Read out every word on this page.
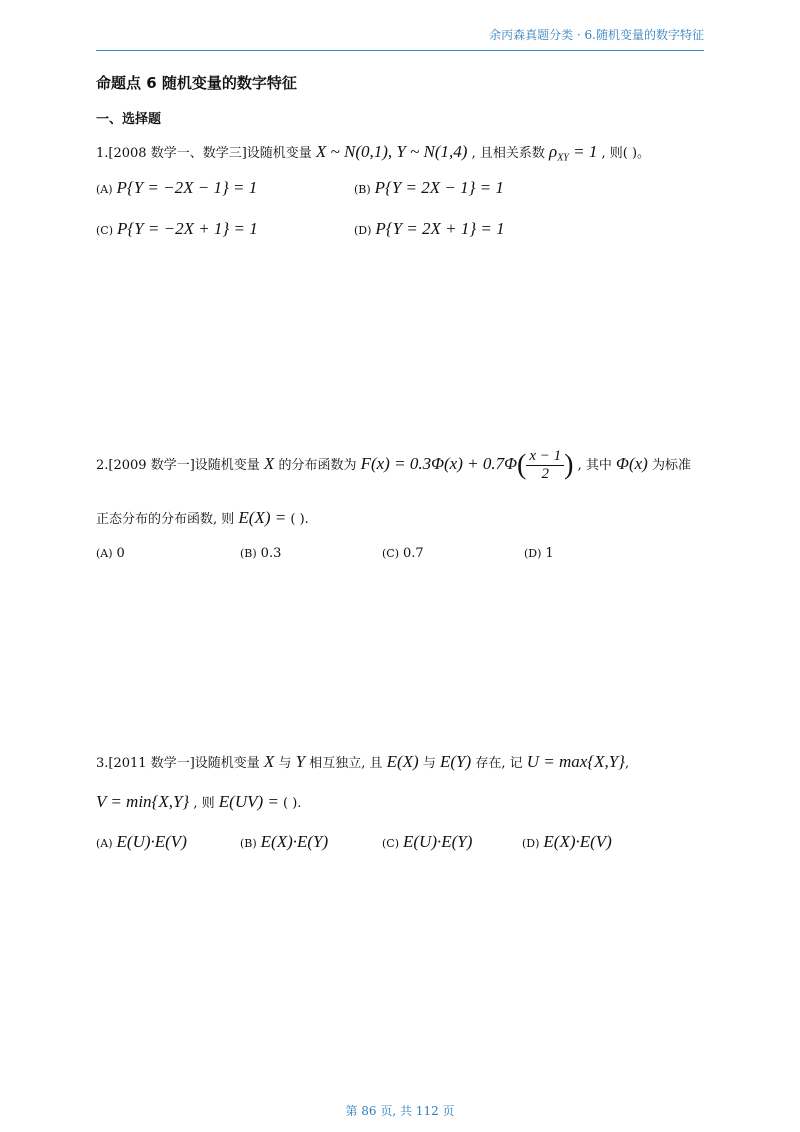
余丙森真题分类 · 6.随机变量的数字特征
命题点 6 随机变量的数字特征
一、选择题
1.[2008 数学一、数学三]设随机变量 X ~ N(0,1), Y ~ N(1,4) , 且相关系数 $\rho_{XY} = 1$ , 则( )。
(A) P{Y = −2X − 1} = 1	(B) P{Y = 2X − 1} = 1
(C) P{Y = −2X + 1} = 1	(D) P{Y = 2X + 1} = 1
2.[2009 数学一]设随机变量 X 的分布函数为 $F(x) = 0.3\Phi(x) + 0.7\Phi( \frac{x - 1}{2}$ ) , 其中 Φ(x) 为标准
正态分布的分布函数, 则 E(X) = ( ).
(A) 0	(B) 0.3	(C) 0.7	(D) 1
3.[2011 数学一]设随机变量 X 与 Y 相互独立, 且 E(X) 与 E(Y) 存在, 记 U = max{X,Y},
V = min{X,Y} , 则 E(UV) = ( ).
(A) E(U)·E(V)	(B) E(X)·E(Y)	(C) E(U)·E(Y)	(D) E(X)·E(V)
第 86 页, 共 112 页
